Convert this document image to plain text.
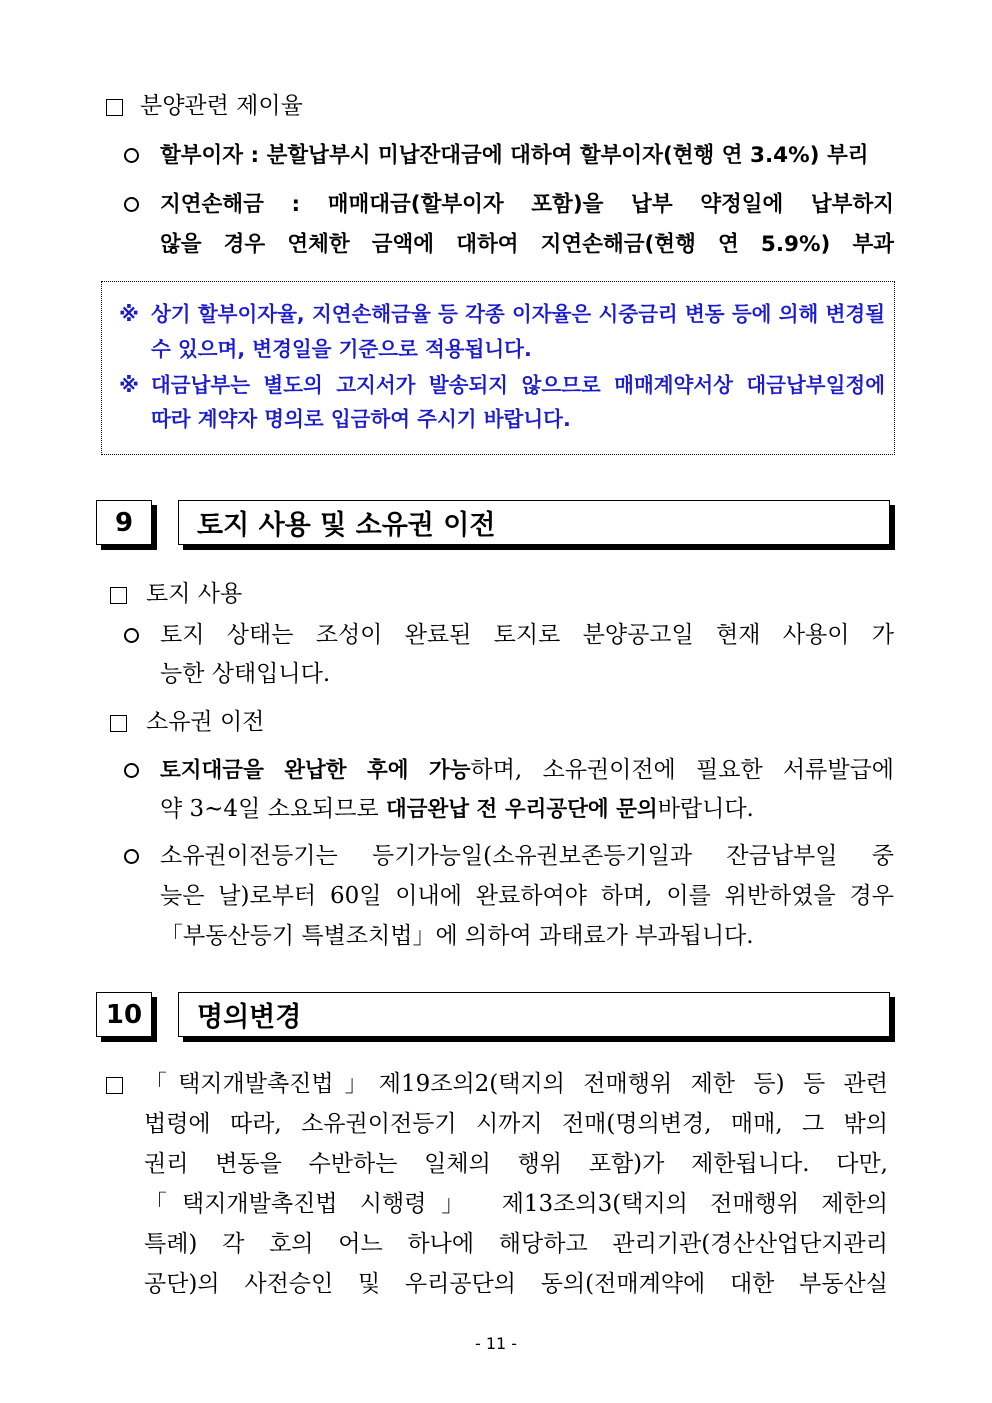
분양관련 제이율
할부이자 : 분할납부시 미납잔대금에 대하여 할부이자(현행 연 3.4%) 부리
지연손해금 : 매매대금(할부이자 포함)을 납부 약정일에 납부하지
않을 경우 연체한 금액에 대하여 지연손해금(현행 연 5.9%) 부과
※ 상기 할부이자율, 지연손해금율 등 각종 이자율은 시중금리 변동 등에 의해 변경될
수 있으며, 변경일을 기준으로 적용됩니다.
※ 대금납부는 별도의 고지서가 발송되지 않으므로 매매계약서상 대금납부일정에
따라 계약자 명의로 입금하여 주시기 바랍니다.
9	토지 사용 및 소유권 이전
토지 사용
토지 상태는 조성이 완료된 토지로 분양공고일 현재 사용이 가
능한 상태입니다.
소유권 이전
토지대금을 완납한 후에 가능하며, 소유권이전에 필요한 서류발급에
약 3~4일 소요되므로 대금완납 전 우리공단에 문의바랍니다.
소유권이전등기는 등기가능일(소유권보존등기일과 잔금납부일 중
늦은 날)로부터 60일 이내에 완료하여야 하며, 이를 위반하였을 경우
「부동산등기 특별조치법」에 의하여 과태료가 부과됩니다.
10	명의변경
「택지개발촉진법」제19조의2(택지의 전매행위 제한 등) 등 관련
법령에 따라, 소유권이전등기 시까지 전매(명의변경, 매매, 그 밖의
권리 변동을 수반하는 일체의 행위 포함)가 제한됩니다. 다만,
「택지개발촉진법 시행령」 제13조의3(택지의 전매행위 제한의
특례) 각 호의 어느 하나에 해당하고 관리기관(경산산업단지관리
공단)의 사전승인 및 우리공단의 동의(전매계약에 대한 부동산실
- 11 -
